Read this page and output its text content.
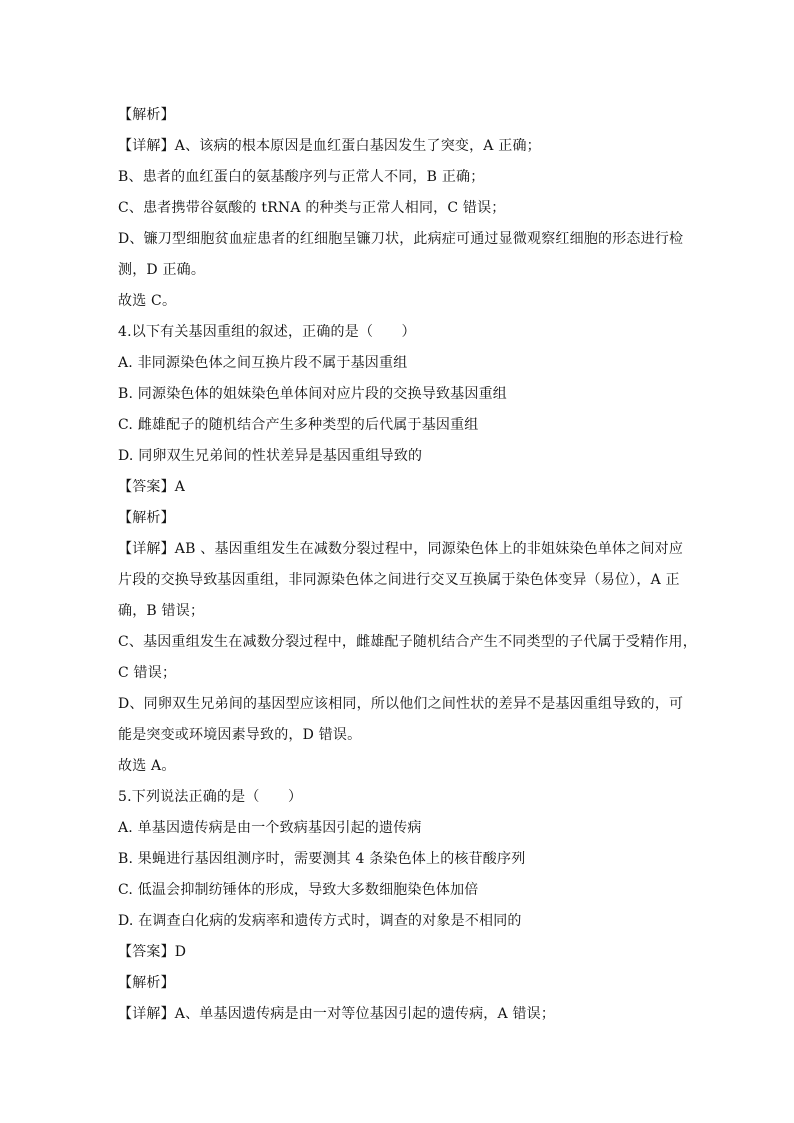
【解析】
【详解】A、该病的根本原因是血红蛋白基因发生了突变，A 正确；
B、患者的血红蛋白的氨基酸序列与正常人不同，B 正确；
C、患者携带谷氨酸的 tRNA 的种类与正常人相同，C 错误；
D、镰刀型细胞贫血症患者的红细胞呈镰刀状，此病症可通过显微观察红细胞的形态进行检
测，D 正确。
故选 C。
4.以下有关基因重组的叙述，正确的是（　　）
A. 非同源染色体之间互换片段不属于基因重组
B. 同源染色体的姐妹染色单体间对应片段的交换导致基因重组
C. 雌雄配子的随机结合产生多种类型的后代属于基因重组
D. 同卵双生兄弟间的性状差异是基因重组导致的
【答案】A
【解析】
【详解】AB 、基因重组发生在减数分裂过程中，同源染色体上的非姐妹染色单体之间对应
片段的交换导致基因重组，非同源染色体之间进行交叉互换属于染色体变异（易位），A 正
确，B 错误；
C、基因重组发生在减数分裂过程中，雌雄配子随机结合产生不同类型的子代属于受精作用，
C 错误；
D、同卵双生兄弟间的基因型应该相同，所以他们之间性状的差异不是基因重组导致的，可
能是突变或环境因素导致的，D 错误。
故选 A。
5.下列说法正确的是（　　）
A. 单基因遗传病是由一个致病基因引起的遗传病
B. 果蝇进行基因组测序时，需要测其 4 条染色体上的核苷酸序列
C. 低温会抑制纺锤体的形成，导致大多数细胞染色体加倍
D. 在调查白化病的发病率和遗传方式时，调查的对象是不相同的
【答案】D
【解析】
【详解】A、单基因遗传病是由一对等位基因引起的遗传病，A 错误；
